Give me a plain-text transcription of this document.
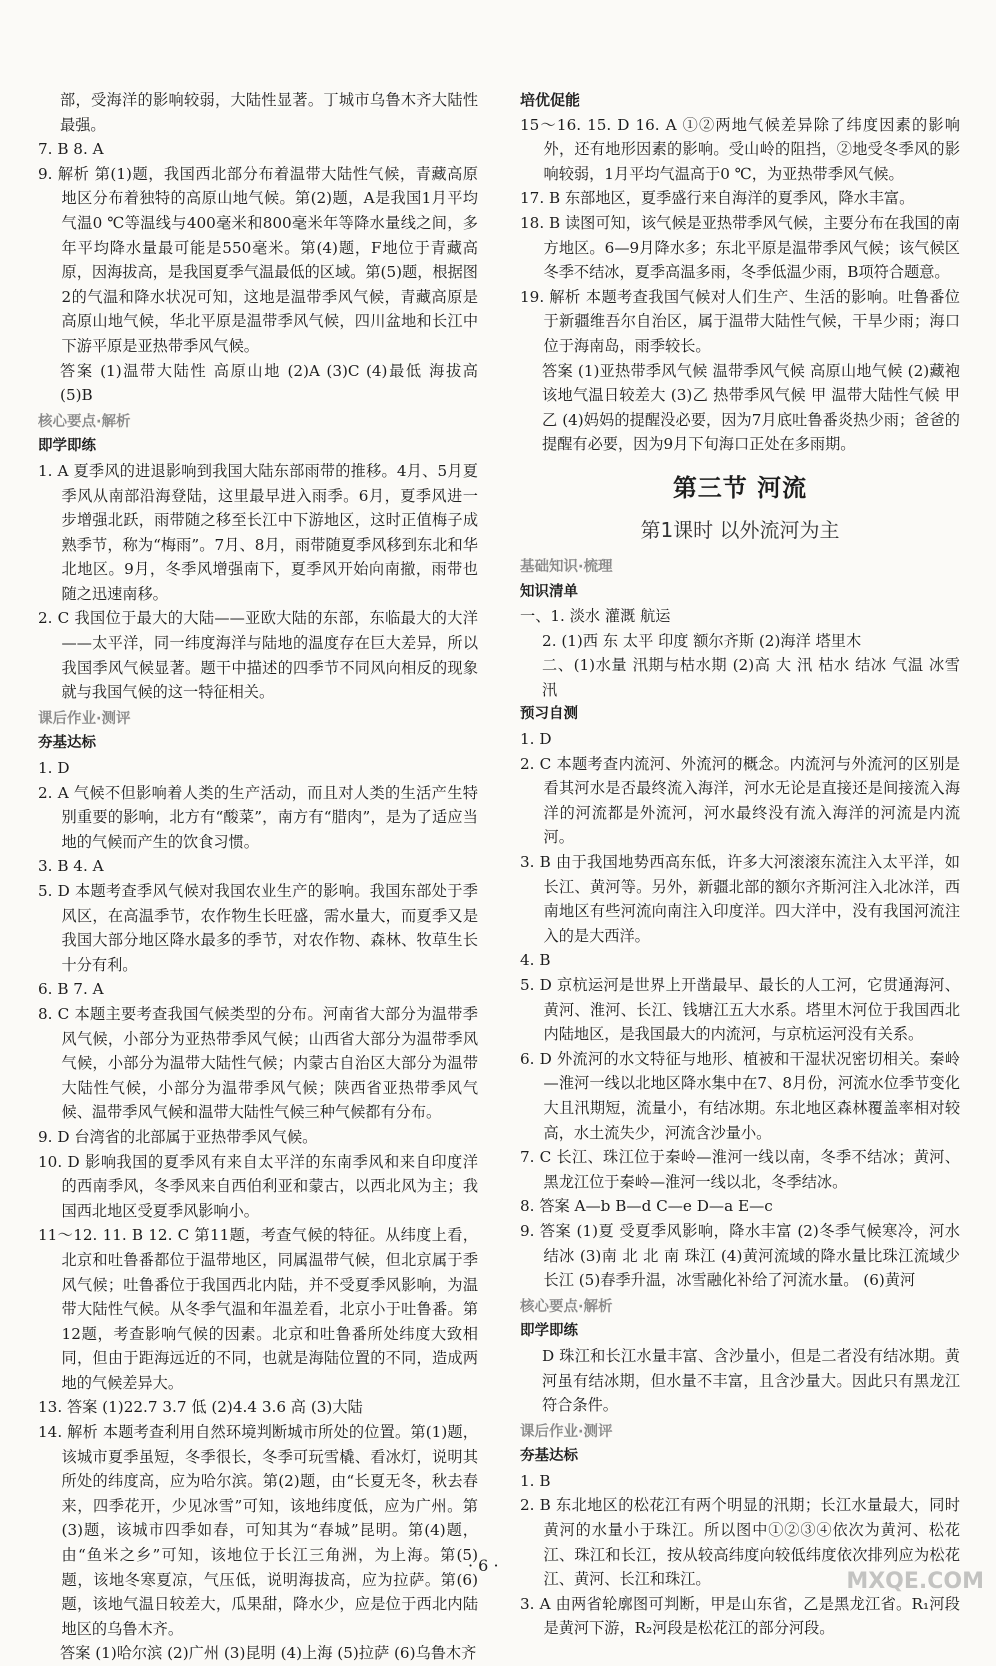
部，受海洋的影响较弱，大陆性显著。丁城市乌鲁木齐大陆性最强。

7. B 8. A

9. 解析 第(1)题，我国西北部分布着温带大陆性气候，青藏高原地区分布着独特的高原山地气候。第(2)题，A是我国1月平均气温0 ℃等温线与400毫米和800毫米年等降水量线之间，多年平均降水量最可能是550毫米。第(4)题，F地位于青藏高原，因海拔高，是我国夏季气温最低的区域。第(5)题，根据图2的气温和降水状况可知，这地是温带季风气候，青藏高原是高原山地气候，华北平原是温带季风气候，四川盆地和长江中下游平原是亚热带季风气候。

答案 (1)温带大陆性 高原山地 (2)A (3)C (4)最低 海拔高 (5)B

核心要点·解析

即学即练

1. A 夏季风的进退影响到我国大陆东部雨带的推移。4月、5月夏季风从南部沿海登陆，这里最早进入雨季。6月，夏季风进一步增强北跃，雨带随之移至长江中下游地区，这时正值梅子成熟季节，称为“梅雨”。7月、8月，雨带随夏季风移到东北和华北地区。9月，冬季风增强南下，夏季风开始向南撤，雨带也随之迅速南移。

2. C 我国位于最大的大陆——亚欧大陆的东部，东临最大的大洋——太平洋，同一纬度海洋与陆地的温度存在巨大差异，所以我国季风气候显著。题干中描述的四季节不同风向相反的现象就与我国气候的这一特征相关。

课后作业·测评

夯基达标

1. D

2. A 气候不但影响着人类的生产活动，而且对人类的生活产生特别重要的影响，北方有“酸菜”，南方有“腊肉”，是为了适应当地的气候而产生的饮食习惯。

3. B 4. A

5. D 本题考查季风气候对我国农业生产的影响。我国东部处于季风区，在高温季节，农作物生长旺盛，需水量大，而夏季又是我国大部分地区降水最多的季节，对农作物、森林、牧草生长十分有利。

6. B 7. A

8. C 本题主要考查我国气候类型的分布。河南省大部分为温带季风气候，小部分为亚热带季风气候；山西省大部分为温带季风气候，小部分为温带大陆性气候；内蒙古自治区大部分为温带大陆性气候，小部分为温带季风气候；陕西省亚热带季风气候、温带季风气候和温带大陆性气候三种气候都有分布。

9. D 台湾省的北部属于亚热带季风气候。

10. D 影响我国的夏季风有来自太平洋的东南季风和来自印度洋的西南季风，冬季风来自西伯利亚和蒙古，以西北风为主；我国西北地区受夏季风影响小。

11～12. 11. B 12. C 第11题，考查气候的特征。从纬度上看，北京和吐鲁番都位于温带地区，同属温带气候，但北京属于季风气候；吐鲁番位于我国西北内陆，并不受夏季风影响，为温带大陆性气候。从冬季气温和年温差看，北京小于吐鲁番。第12题，考查影响气候的因素。北京和吐鲁番所处纬度大致相同，但由于距海远近的不同，也就是海陆位置的不同，造成两地的气候差异大。

13. 答案 (1)22.7 3.7 低 (2)4.4 3.6 高 (3)大陆

14. 解析 本题考查利用自然环境判断城市所处的位置。第(1)题，该城市夏季虽短，冬季很长，冬季可玩雪橇、看冰灯，说明其所处的纬度高，应为哈尔滨。第(2)题，由“长夏无冬，秋去春来，四季花开，少见冰雪”可知，该地纬度低，应为广州。第(3)题，该城市四季如春，可知其为“春城”昆明。第(4)题，由“鱼米之乡”可知，该地位于长江三角洲，为上海。第(5)题，该地冬寒夏凉，气压低，说明海拔高，应为拉萨。第(6)题，该地气温日较差大，瓜果甜，降水少，应是位于西北内陆地区的乌鲁木齐。

答案 (1)哈尔滨 (2)广州 (3)昆明 (4)上海 (5)拉萨 (6)乌鲁木齐

培优促能

15～16. 15. D 16. A ①②两地气候差异除了纬度因素的影响外，还有地形因素的影响。受山岭的阻挡，②地受冬季风的影响较弱，1月平均气温高于0 ℃，为亚热带季风气候。

17. B 东部地区，夏季盛行来自海洋的夏季风，降水丰富。

18. B 读图可知，该气候是亚热带季风气候，主要分布在我国的南方地区。6—9月降水多；东北平原是温带季风气候；该气候区冬季不结冰，夏季高温多雨，冬季低温少雨，B项符合题意。

19. 解析 本题考查我国气候对人们生产、生活的影响。吐鲁番位于新疆维吾尔自治区，属于温带大陆性气候，干旱少雨；海口位于海南岛，雨季较长。

答案 (1)亚热带季风气候 温带季风气候 高原山地气候 (2)藏袍 该地气温日较差大 (3)乙 热带季风气候 甲 温带大陆性气候 甲 乙 (4)妈妈的提醒没必要，因为7月底吐鲁番炎热少雨；爸爸的提醒有必要，因为9月下旬海口正处在多雨期。

第三节 河流

第1课时 以外流河为主

基础知识·梳理

知识清单

一、1. 淡水 灌溉 航运

2. (1)西 东 太平 印度 额尔齐斯 (2)海洋 塔里木

二、(1)水量 汛期与枯水期 (2)高 大 汛 枯水 结冰 气温 冰雪 汛

预习自测

1. D

2. C 本题考查内流河、外流河的概念。内流河与外流河的区别是看其河水是否最终流入海洋，河水无论是直接还是间接流入海洋的河流都是外流河，河水最终没有流入海洋的河流是内流河。

3. B 由于我国地势西高东低，许多大河滚滚东流注入太平洋，如长江、黄河等。另外，新疆北部的额尔齐斯河注入北冰洋，西南地区有些河流向南注入印度洋。四大洋中，没有我国河流注入的是大西洋。

4. B

5. D 京杭运河是世界上开凿最早、最长的人工河，它贯通海河、黄河、淮河、长江、钱塘江五大水系。塔里木河位于我国西北内陆地区，是我国最大的内流河，与京杭运河没有关系。

6. D 外流河的水文特征与地形、植被和干湿状况密切相关。秦岭—淮河一线以北地区降水集中在7、8月份，河流水位季节变化大且汛期短，流量小，有结冰期。东北地区森林覆盖率相对较高，水土流失少，河流含沙量小。

7. C 长江、珠江位于秦岭—淮河一线以南，冬季不结冰；黄河、黑龙江位于秦岭—淮河一线以北，冬季结冰。

8. 答案 A—b B—d C—e D—a E—c

9. 答案 (1)夏 受夏季风影响，降水丰富 (2)冬季气候寒冷，河水结冰 (3)南 北 北 南 珠江 (4)黄河流域的降水量比珠江流域少 长江 (5)春季升温，冰雪融化补给了河流水量。 (6)黄河

核心要点·解析

即学即练

D 珠江和长江水量丰富、含沙量小，但是二者没有结冰期。黄河虽有结冰期，但水量不丰富，且含沙量大。因此只有黑龙江符合条件。

课后作业·测评

夯基达标

1. B

2. B 东北地区的松花江有两个明显的汛期；长江水量最大，同时黄河的水量小于珠江。所以图中①②③④依次为黄河、松花江、珠江和长江，按从较高纬度向较低纬度依次排列应为松花江、黄河、长江和珠江。

3. A 由两省轮廓图可判断，甲是山东省，乙是黑龙江省。R₁河段是黄河下游，R₂河段是松花江的部分河段。

· 6 ·
MXQE.COM
